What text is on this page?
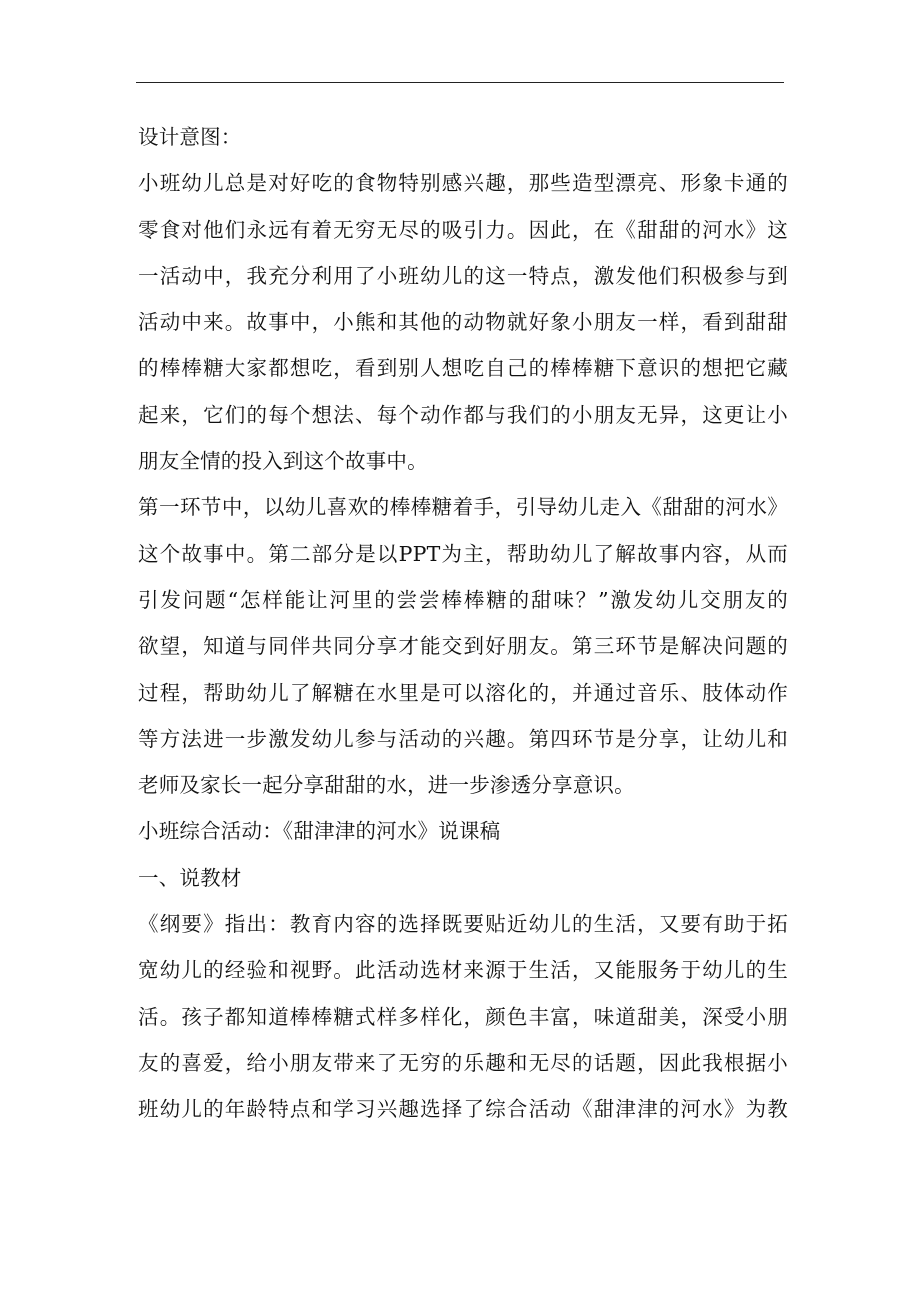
设计意图：
小班幼儿总是对好吃的食物特别感兴趣，那些造型漂亮、形象卡通的
零食对他们永远有着无穷无尽的吸引力。因此，在《甜甜的河水》这
一活动中，我充分利用了小班幼儿的这一特点，激发他们积极参与到
活动中来。故事中，小熊和其他的动物就好象小朋友一样，看到甜甜
的棒棒糖大家都想吃，看到别人想吃自己的棒棒糖下意识的想把它藏
起来，它们的每个想法、每个动作都与我们的小朋友无异，这更让小
朋友全情的投入到这个故事中。
第一环节中，以幼儿喜欢的棒棒糖着手，引导幼儿走入《甜甜的河水》
这个故事中。第二部分是以PPT为主，帮助幼儿了解故事内容，从而
引发问题“怎样能让河里的尝尝棒棒糖的甜味？”激发幼儿交朋友的
欲望，知道与同伴共同分享才能交到好朋友。第三环节是解决问题的
过程，帮助幼儿了解糖在水里是可以溶化的，并通过音乐、肢体动作
等方法进一步激发幼儿参与活动的兴趣。第四环节是分享，让幼儿和
老师及家长一起分享甜甜的水，进一步渗透分享意识。
小班综合活动：《甜津津的河水》说课稿
一、说教材
《纲要》指出：教育内容的选择既要贴近幼儿的生活，又要有助于拓
宽幼儿的经验和视野。此活动选材来源于生活，又能服务于幼儿的生
活。孩子都知道棒棒糖式样多样化，颜色丰富，味道甜美，深受小朋
友的喜爱，给小朋友带来了无穷的乐趣和无尽的话题，因此我根据小
班幼儿的年龄特点和学习兴趣选择了综合活动《甜津津的河水》为教
